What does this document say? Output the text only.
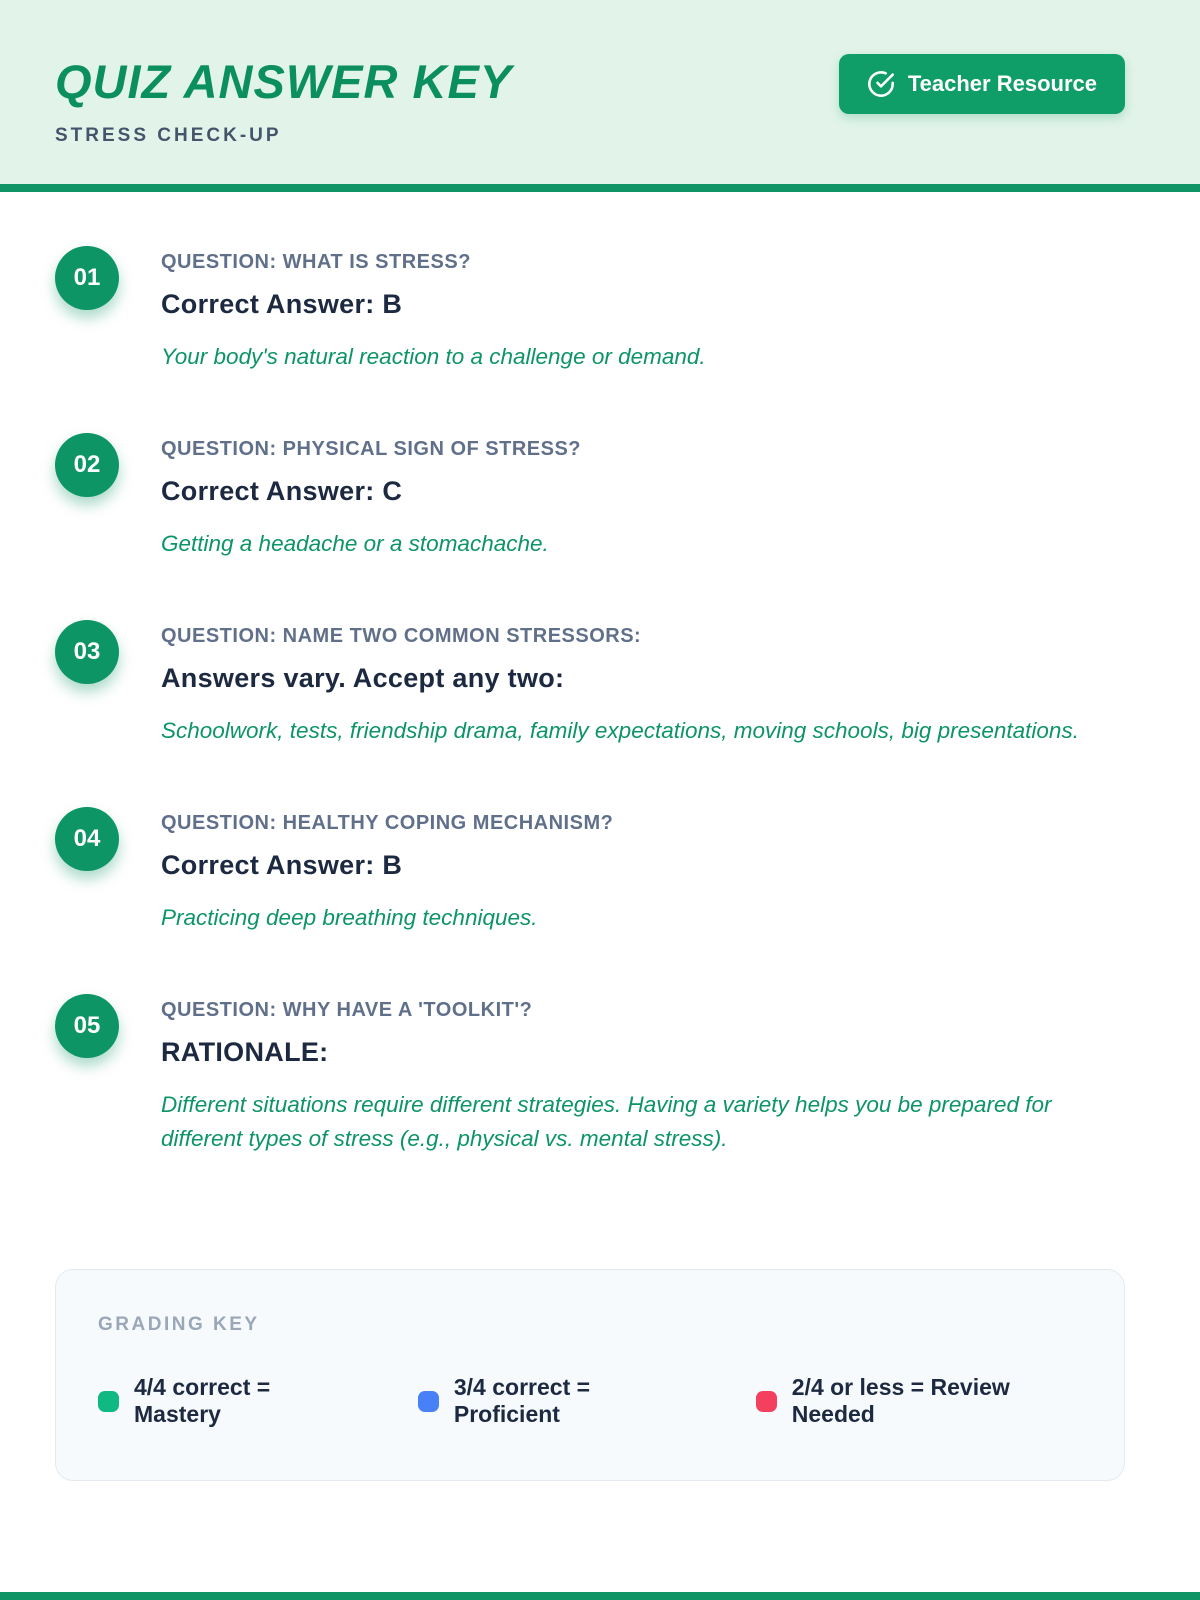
QUIZ ANSWER KEY
STRESS CHECK-UP
Teacher Resource
01
QUESTION: WHAT IS STRESS?
Correct Answer: B
Your body's natural reaction to a challenge or demand.
02
QUESTION: PHYSICAL SIGN OF STRESS?
Correct Answer: C
Getting a headache or a stomachache.
03
QUESTION: NAME TWO COMMON STRESSORS:
Answers vary. Accept any two:
Schoolwork, tests, friendship drama, family expectations, moving schools, big presentations.
04
QUESTION: HEALTHY COPING MECHANISM?
Correct Answer: B
Practicing deep breathing techniques.
05
QUESTION: WHY HAVE A 'TOOLKIT'?
RATIONALE:
Different situations require different strategies. Having a variety helps you be prepared for different types of stress (e.g., physical vs. mental stress).
GRADING KEY
4/4 correct = Mastery
3/4 correct = Proficient
2/4 or less = Review Needed
